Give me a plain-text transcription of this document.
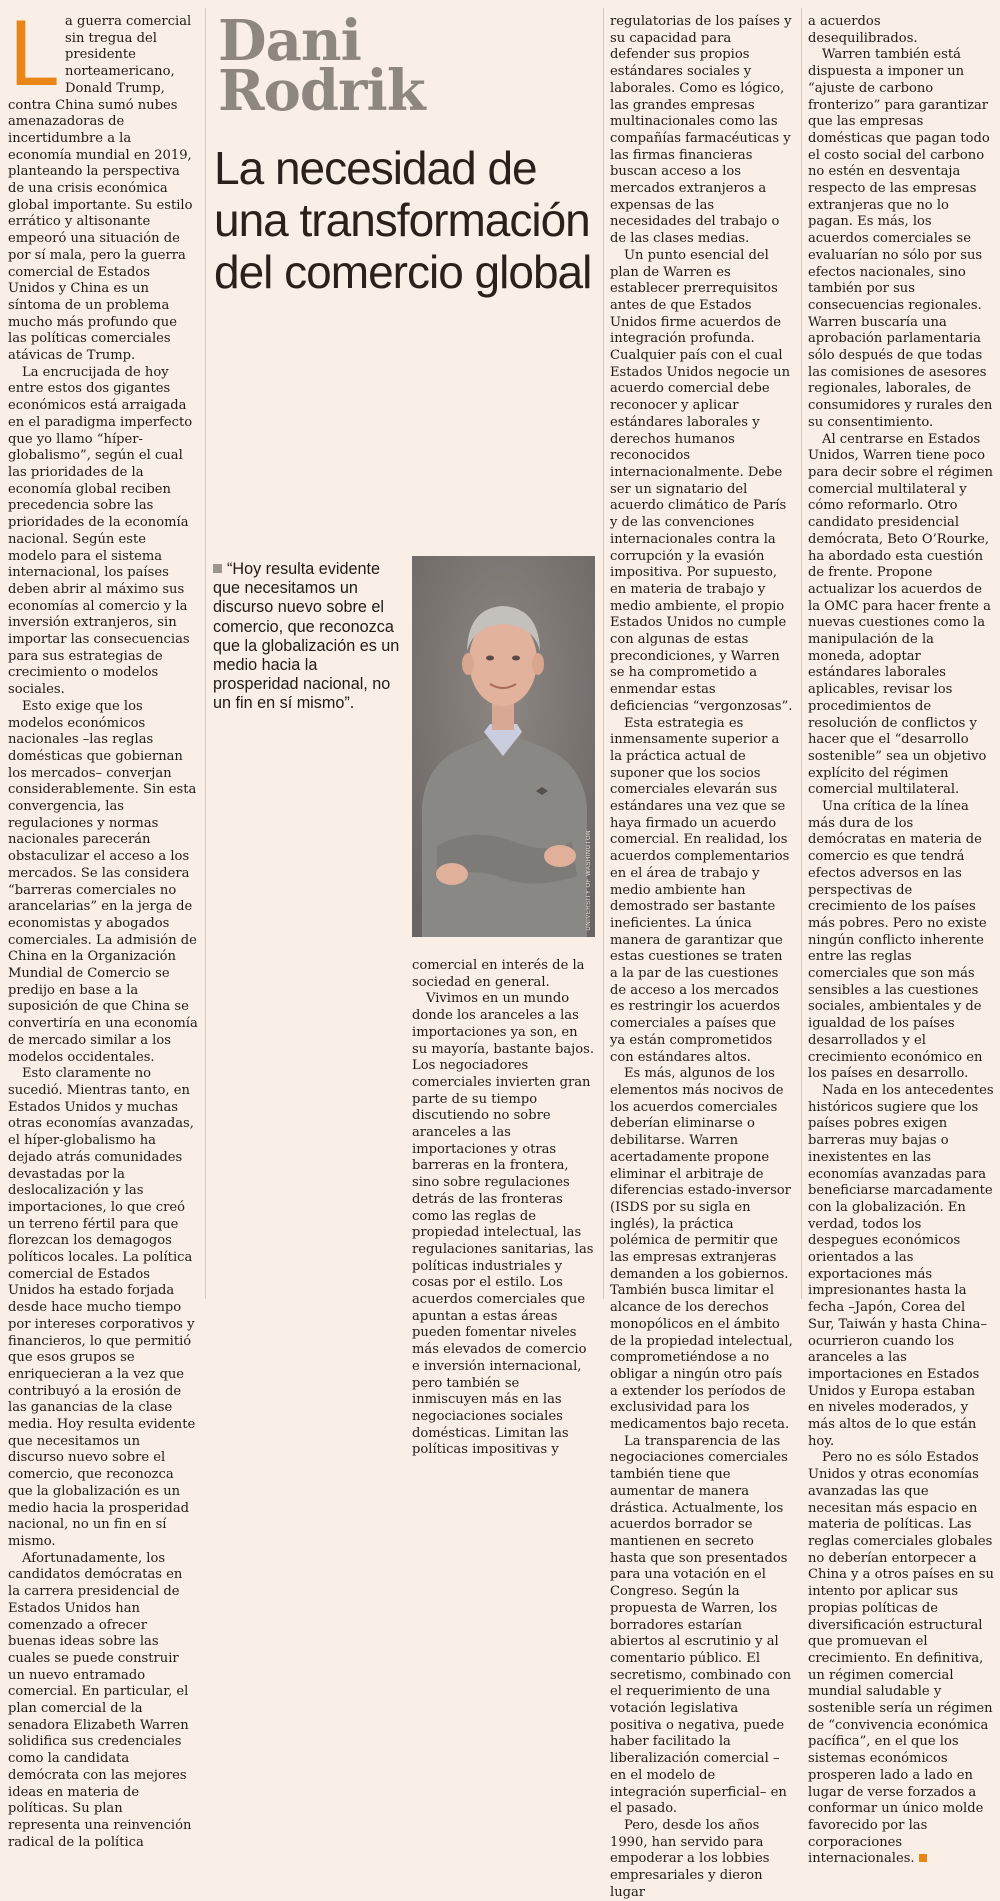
La guerra comercial sin tregua del presidente norteamericano, Donald Trump, contra China sumó nubes amenazadoras de incertidumbre a la economía mundial en 2019, planteando la perspectiva de una crisis económica global importante. Su estilo errático y altisonante empeoró una situación de por sí mala, pero la guerra comercial de Estados Unidos y China es un síntoma de un problema mucho más profundo que las políticas comerciales atávicas de Trump.

La encrucijada de hoy entre estos dos gigantes económicos está arraigada en el paradigma imperfecto que yo llamo “híper-globalismo”, según el cual las prioridades de la economía global reciben precedencia sobre las prioridades de la economía nacional. Según este modelo para el sistema internacional, los países deben abrir al máximo sus economías al comercio y la inversión extranjeros, sin importar las consecuencias para sus estrategias de crecimiento o modelos sociales.

Esto exige que los modelos económicos nacionales –las reglas domésticas que gobiernan los mercados– converjan considerablemente. Sin esta convergencia, las regulaciones y normas nacionales parecerán obstaculizar el acceso a los mercados. Se las considera “barreras comerciales no arancelarias” en la jerga de economistas y abogados comerciales. La admisión de China en la Organización Mundial de Comercio se predijo en base a la suposición de que China se convertiría en una economía de mercado similar a los modelos occidentales.

Esto claramente no sucedió. Mientras tanto, en Estados Unidos y muchas otras economías avanzadas, el híper-globalismo ha dejado atrás comunidades devastadas por la deslocalización y las importaciones, lo que creó un terreno fértil para que florezcan los demagogos políticos locales. La política comercial de Estados Unidos ha estado forjada desde hace mucho tiempo por intereses corporativos y financieros, lo que permitió que esos grupos se enriquecieran a la vez que contribuyó a la erosión de las ganancias de la clase media. Hoy resulta evidente que necesitamos un discurso nuevo sobre el comercio, que reconozca que la globalización es un medio hacia la prosperidad nacional, no un fin en sí mismo.

Afortunadamente, los candidatos demócratas en la carrera presidencial de Estados Unidos han comenzado a ofrecer buenas ideas sobre las cuales se puede construir un nuevo entramado comercial. En particular, el plan comercial de la senadora Elizabeth Warren solidifica sus credenciales como la candidata demócrata con las mejores ideas en materia de políticas. Su plan representa una reinvención radical de la política

Dani
Rodrik
La necesidad de una transformación del comercio global
“Hoy resulta evidente que necesitamos un discurso nuevo sobre el comercio, que reconozca que la globalización es un medio hacia la prosperidad nacional, no un fin en sí mismo”.
UNIVERSITY OF WASHINGTON

comercial en interés de la sociedad en general.

Vivimos en un mundo donde los aranceles a las importaciones ya son, en su mayoría, bastante bajos. Los negociadores comerciales invierten gran parte de su tiempo discutiendo no sobre aranceles a las importaciones y otras barreras en la frontera, sino sobre regulaciones detrás de las fronteras como las reglas de propiedad intelectual, las regulaciones sanitarias, las políticas industriales y cosas por el estilo. Los acuerdos comerciales que apuntan a estas áreas pueden fomentar niveles más elevados de comercio e inversión internacional, pero también se inmiscuyen más en las negociaciones sociales domésticas. Limitan las políticas impositivas y

regulatorias de los países y su capacidad para defender sus propios estándares sociales y laborales. Como es lógico, las grandes empresas multinacionales como las compañías farmacéuticas y las firmas financieras buscan acceso a los mercados extranjeros a expensas de las necesidades del trabajo o de las clases medias.

Un punto esencial del plan de Warren es establecer prerrequisitos antes de que Estados Unidos firme acuerdos de integración profunda. Cualquier país con el cual Estados Unidos negocie un acuerdo comercial debe reconocer y aplicar estándares laborales y derechos humanos reconocidos internacionalmente. Debe ser un signatario del acuerdo climático de París y de las convenciones internacionales contra la corrupción y la evasión impositiva. Por supuesto, en materia de trabajo y medio ambiente, el propio Estados Unidos no cumple con algunas de estas precondiciones, y Warren se ha comprometido a enmendar estas deficiencias “vergonzosas”.

Esta estrategia es inmensamente superior a la práctica actual de suponer que los socios comerciales elevarán sus estándares una vez que se haya firmado un acuerdo comercial. En realidad, los acuerdos complementarios en el área de trabajo y medio ambiente han demostrado ser bastante ineficientes. La única manera de garantizar que estas cuestiones se traten a la par de las cuestiones de acceso a los mercados es restringir los acuerdos comerciales a países que ya están comprometidos con estándares altos.

Es más, algunos de los elementos más nocivos de los acuerdos comerciales deberían eliminarse o debilitarse. Warren acertadamente propone eliminar el arbitraje de diferencias estado-inversor (ISDS por su sigla en inglés), la práctica polémica de permitir que las empresas extranjeras demanden a los gobiernos. También busca limitar el alcance de los derechos monopólicos en el ámbito de la propiedad intelectual, comprometiéndose a no obligar a ningún otro país a extender los períodos de exclusividad para los medicamentos bajo receta.

La transparencia de las negociaciones comerciales también tiene que aumentar de manera drástica. Actualmente, los acuerdos borrador se mantienen en secreto hasta que son presentados para una votación en el Congreso. Según la propuesta de Warren, los borradores estarían abiertos al escrutinio y al comentario público. El secretismo, combinado con el requerimiento de una votación legislativa positiva o negativa, puede haber facilitado la liberalización comercial –en el modelo de integración superficial– en el pasado.

Pero, desde los años 1990, han servido para empoderar a los lobbies empresariales y dieron lugar

a acuerdos desequilibrados.

Warren también está dispuesta a imponer un “ajuste de carbono fronterizo” para garantizar que las empresas domésticas que pagan todo el costo social del carbono no estén en desventaja respecto de las empresas extranjeras que no lo pagan. Es más, los acuerdos comerciales se evaluarían no sólo por sus efectos nacionales, sino también por sus consecuencias regionales. Warren buscaría una aprobación parlamentaria sólo después de que todas las comisiones de asesores regionales, laborales, de consumidores y rurales den su consentimiento.

Al centrarse en Estados Unidos, Warren tiene poco para decir sobre el régimen comercial multilateral y cómo reformarlo. Otro candidato presidencial demócrata, Beto O’Rourke, ha abordado esta cuestión de frente. Propone actualizar los acuerdos de la OMC para hacer frente a nuevas cuestiones como la manipulación de la moneda, adoptar estándares laborales aplicables, revisar los procedimientos de resolución de conflictos y hacer que el “desarrollo sostenible” sea un objetivo explícito del régimen comercial multilateral.

Una crítica de la línea más dura de los demócratas en materia de comercio es que tendrá efectos adversos en las perspectivas de crecimiento de los países más pobres. Pero no existe ningún conflicto inherente entre las reglas comerciales que son más sensibles a las cuestiones sociales, ambientales y de igualdad de los países desarrollados y el crecimiento económico en los países en desarrollo.

Nada en los antecedentes históricos sugiere que los países pobres exigen barreras muy bajas o inexistentes en las economías avanzadas para beneficiarse marcadamente con la globalización. En verdad, todos los despegues económicos orientados a las exportaciones más impresionantes hasta la fecha –Japón, Corea del Sur, Taiwán y hasta China– ocurrieron cuando los aranceles a las importaciones en Estados Unidos y Europa estaban en niveles moderados, y más altos de lo que están hoy.

Pero no es sólo Estados Unidos y otras economías avanzadas las que necesitan más espacio en materia de políticas. Las reglas comerciales globales no deberían entorpecer a China y a otros países en su intento por aplicar sus propias políticas de diversificación estructural que promuevan el crecimiento. En definitiva, un régimen comercial mundial saludable y sostenible sería un régimen de “convivencia económica pacífica”, en el que los sistemas económicos prosperen lado a lado en lugar de verse forzados a conformar un único molde favorecido por las corporaciones internacionales.
